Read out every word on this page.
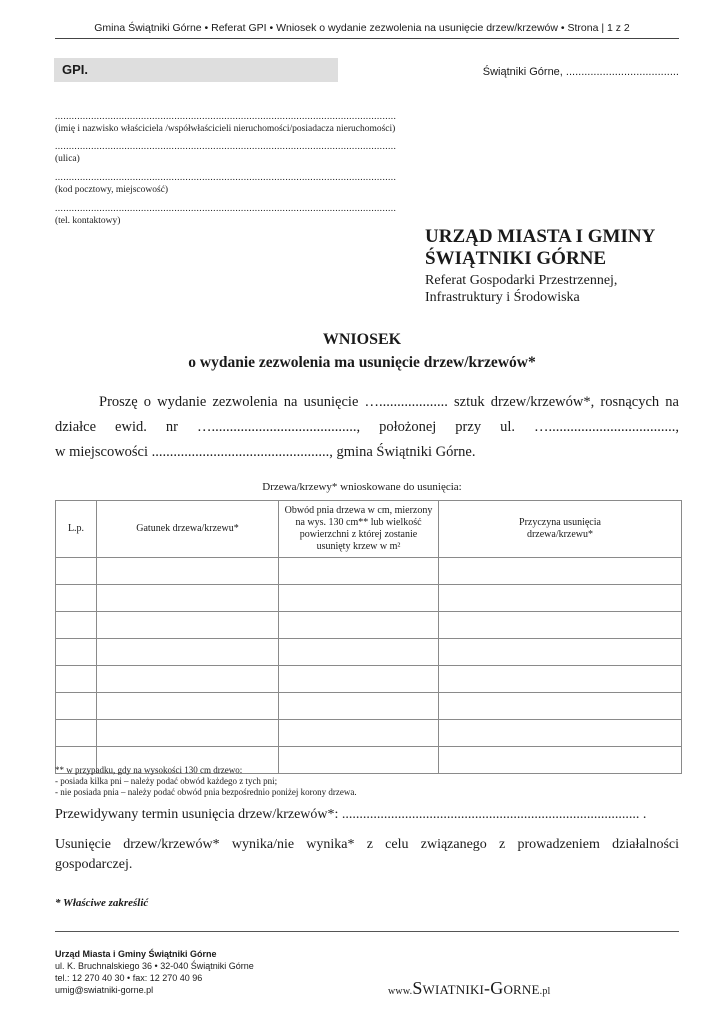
Gmina Świątniki Górne • Referat GPI • Wniosek o wydanie zezwolenia na usunięcie drzew/krzewów • Strona | 1 z 2
GPI.	Świątniki Górne, .....................................
...........................................................................................................................
(imię i nazwisko właściciela /współwłaścicieli nieruchomości/posiadacza nieruchomości)
...........................................................................................................................
(ulica)
...........................................................................................................................
(kod pocztowy, miejscowość)
...........................................................................................................................
(tel. kontaktowy)
URZĄD MIASTA I GMINY
ŚWIĄTNIKI GÓRNE
Referat Gospodarki Przestrzennej,
Infrastruktury i Środowiska
WNIOSEK
o wydanie zezwolenia ma usunięcie drzew/krzewów*
Proszę o wydanie zezwolenia na usunięcie …................... sztuk drzew/krzewów*, rosnących na
działce ewid. nr …........................................, położonej przy ul. …...................................,
w miejscowości ................................................., gmina Świątniki Górne.
Drzewa/krzewy* wnioskowane do usunięcia:
L.p.	Gatunek drzewa/krzewu*	Obwód pnia drzewa w cm, mierzony na wys. 130 cm** lub wielkość powierzchni z której zostanie usunięty krzew w m²	Przyczyna usunięcia drzewa/krzewu*

** w przypadku, gdy na wysokości 130 cm drzewo:
- posiada kilka pni – należy podać obwód każdego z tych pni;
- nie posiada pnia – należy podać obwód pnia bezpośrednio poniżej korony drzewa.
Przewidywany termin usunięcia drzew/krzewów*: ..................................................................................... .
Usunięcie drzew/krzewów* wynika/nie wynika* z celu związanego z prowadzeniem działalności
gospodarczej.
* Właściwe zakreślić
Urząd Miasta i Gminy Świątniki Górne
ul. K. Bruchnalskiego 36 • 32-040 Świątniki Górne
tel.: 12 270 40 30 • fax: 12 270 40 96
umig@swiatniki-gorne.pl	www.Swiatniki-Gorne.pl
